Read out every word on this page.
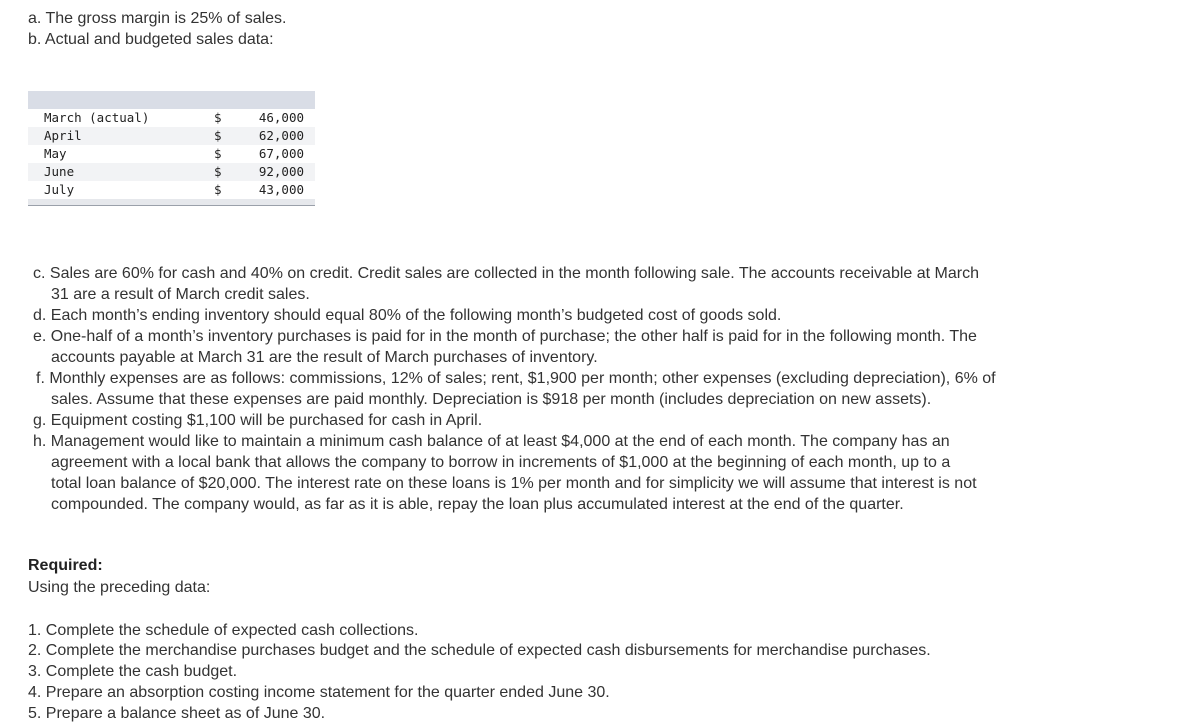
a. The gross margin is 25% of sales.
b. Actual and budgeted sales data:

March (actual)	$	46,000
April	$	62,000
May	$	67,000
June	$	92,000
July	$	43,000

c. Sales are 60% for cash and 40% on credit. Credit sales are collected in the month following sale. The accounts receivable at March
31 are a result of March credit sales.
d. Each month’s ending inventory should equal 80% of the following month’s budgeted cost of goods sold.
e. One-half of a month’s inventory purchases is paid for in the month of purchase; the other half is paid for in the following month. The
accounts payable at March 31 are the result of March purchases of inventory.
f. Monthly expenses are as follows: commissions, 12% of sales; rent, $1,900 per month; other expenses (excluding depreciation), 6% of
sales. Assume that these expenses are paid monthly. Depreciation is $918 per month (includes depreciation on new assets).
g. Equipment costing $1,100 will be purchased for cash in April.
h. Management would like to maintain a minimum cash balance of at least $4,000 at the end of each month. The company has an
agreement with a local bank that allows the company to borrow in increments of $1,000 at the beginning of each month, up to a
total loan balance of $20,000. The interest rate on these loans is 1% per month and for simplicity we will assume that interest is not
compounded. The company would, as far as it is able, repay the loan plus accumulated interest at the end of the quarter.
Required:
Using the preceding data:
1. Complete the schedule of expected cash collections.
2. Complete the merchandise purchases budget and the schedule of expected cash disbursements for merchandise purchases.
3. Complete the cash budget.
4. Prepare an absorption costing income statement for the quarter ended June 30.
5. Prepare a balance sheet as of June 30.
